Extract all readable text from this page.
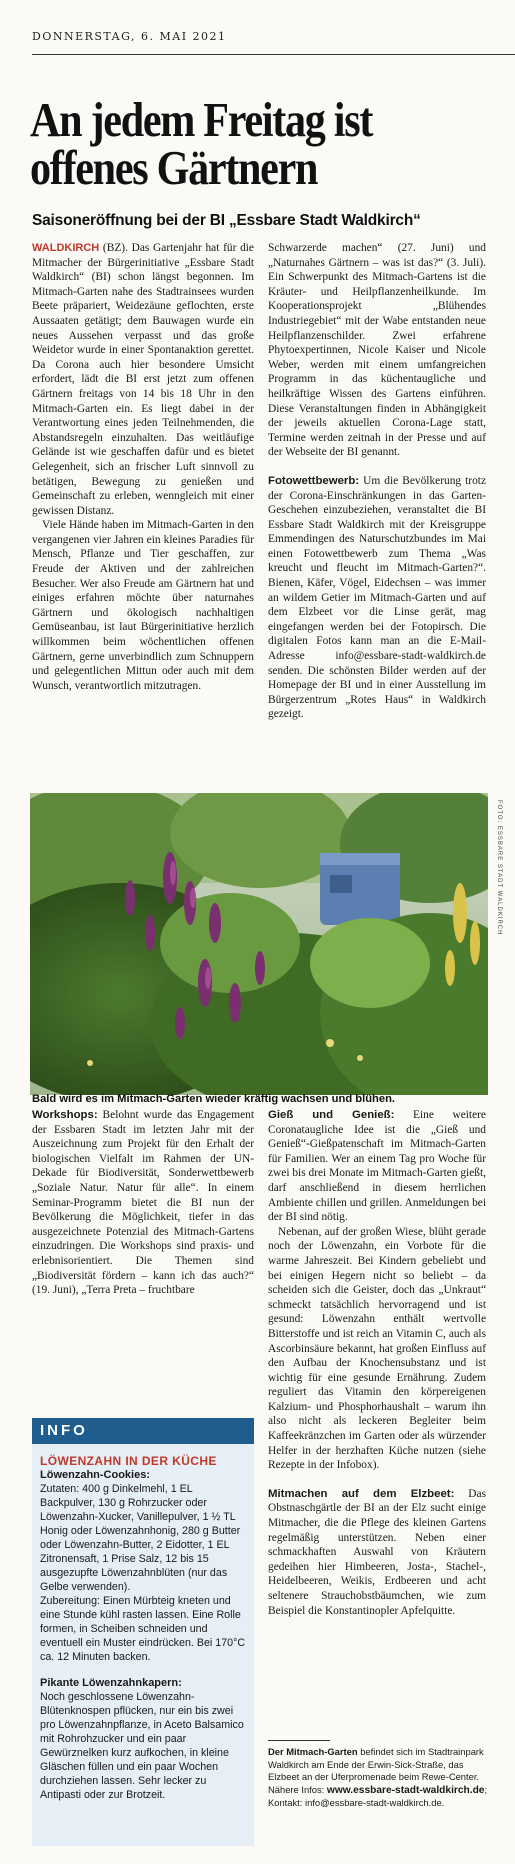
DONNERSTAG, 6. MAI 2021
An jedem Freitag ist
offenes Gärtnern
Saisoneröffnung bei der BI „Essbare Stadt Waldkirch“

WALDKIRCH (BZ). Das Gartenjahr hat für die Mitmacher der Bürgerinitiative „Essbare Stadt Waldkirch“ (BI) schon längst begonnen. Im Mitmach-Garten nahe des Stadtrainsees wurden Beete präpariert, Weidezäune geflochten, erste Aussaaten getätigt; dem Bauwagen wurde ein neues Aussehen verpasst und das große Weidetor wurde in einer Spontanaktion gerettet. Da Corona auch hier besondere Umsicht erfordert, lädt die BI erst jetzt zum offenen Gärtnern freitags von 14 bis 18 Uhr in den Mitmach-Garten ein. Es liegt dabei in der Verantwortung eines jeden Teilnehmenden, die Abstandsregeln einzuhalten. Das weitläufige Gelände ist wie geschaffen dafür und es bietet Gelegenheit, sich an frischer Luft sinnvoll zu betätigen, Bewegung zu genießen und Gemeinschaft zu erleben, wenngleich mit einer gewissen Distanz.

Viele Hände haben im Mitmach-Garten in den vergangenen vier Jahren ein kleines Paradies für Mensch, Pflanze und Tier geschaffen, zur Freude der Aktiven und der zahlreichen Besucher. Wer also Freude am Gärtnern hat und einiges erfahren möchte über naturnahes Gärtnern und ökologisch nachhaltigen Gemüseanbau, ist laut Bürgerinitiative herzlich willkommen beim wöchentlichen offenen Gärtnern, gerne unverbindlich zum Schnuppern und gelegentlichen Mittun oder auch mit dem Wunsch, verantwortlich mitzutragen.

Schwarzerde machen“ (27. Juni) und „Naturnahes Gärtnern – was ist das?“ (3. Juli). Ein Schwerpunkt des Mitmach-Gartens ist die Kräuter- und Heilpflanzenheilkunde. Im Kooperationsprojekt „Blühendes Industriegebiet“ mit der Wabe entstanden neue Heilpflanzenschilder. Zwei erfahrene Phytoexpertinnen, Nicole Kaiser und Nicole Weber, werden mit einem umfangreichen Programm in das küchentaugliche und heilkräftige Wissen des Gartens einführen. Diese Veranstaltungen finden in Abhängigkeit der jeweils aktuellen Corona-Lage statt, Termine werden zeitnah in der Presse und auf der Webseite der BI genannt.

Fotowettbewerb: Um die Bevölkerung trotz der Corona-Einschränkungen in das Garten-Geschehen einzubeziehen, veranstaltet die BI Essbare Stadt Waldkirch mit der Kreisgruppe Emmendingen des Naturschutzbundes im Mai einen Fotowettbewerb zum Thema „Was kreucht und fleucht im Mitmach-Garten?“. Bienen, Käfer, Vögel, Eidechsen – was immer an wildem Getier im Mitmach-Garten und auf dem Elzbeet vor die Linse gerät, mag eingefangen werden bei der Fotopirsch. Die digitalen Fotos kann man an die E-Mail-Adresse info@essbare-stadt-waldkirch.de senden. Die schönsten Bilder werden auf der Homepage der BI und in einer Ausstellung im Bürgerzentrum „Rotes Haus“ in Waldkirch gezeigt.

FOTO: ESSBARE STADT WALDKIRCH
Bald wird es im Mitmach-Garten wieder kräftig wachsen und blühen.

Workshops: Belohnt wurde das Engagement der Essbaren Stadt im letzten Jahr mit der Auszeichnung zum Projekt für den Erhalt der biologischen Vielfalt im Rahmen der UN-Dekade für Biodiversität, Sonderwettbewerb „Soziale Natur. Natur für alle“. In einem Seminar-Programm bietet die BI nun der Bevölkerung die Möglichkeit, tiefer in das ausgezeichnete Potenzial des Mitmach-Gartens einzudringen. Die Workshops sind praxis- und erlebnisorientiert. Die Themen sind „Biodiversität fördern – kann ich das auch?“ (19. Juni), „Terra Preta – fruchtbare

INFO
LÖWENZAHN IN DER KÜCHE
Löwenzahn-Cookies:
Zutaten: 400 g Dinkelmehl, 1 EL Backpulver, 130 g Rohrzucker oder Löwenzahn-Xucker, Vanillepulver, 1 ½ TL Honig oder Löwenzahnhonig, 280 g Butter oder Löwenzahn-Butter, 2 Eidotter, 1 EL Zitronensaft, 1 Prise Salz, 12 bis 15 ausgezupfte Löwenzahnblüten (nur das Gelbe verwenden).
Zubereitung: Einen Mürbteig kneten und eine Stunde kühl rasten lassen. Eine Rolle formen, in Scheiben schneiden und eventuell ein Muster eindrücken. Bei 170°C ca. 12 Minuten backen.
Pikante Löwenzahnkapern:
Noch geschlossene Löwenzahn-Blütenknospen pflücken, nur ein bis zwei pro Löwenzahnpflanze, in Aceto Balsamico mit Rohrohzucker und ein paar Gewürznelken kurz aufkochen, in kleine Gläschen füllen und ein paar Wochen durchziehen lassen. Sehr lecker zu Antipasti oder zur Brotzeit.

Gieß und Genieß: Eine weitere Coronataugliche Idee ist die „Gieß und Genieß“-Gießpatenschaft im Mitmach-Garten für Familien. Wer an einem Tag pro Woche für zwei bis drei Monate im Mitmach-Garten gießt, darf anschließend in diesem herrlichen Ambiente chillen und grillen. Anmeldungen bei der BI sind nötig.

Nebenan, auf der großen Wiese, blüht gerade noch der Löwenzahn, ein Vorbote für die warme Jahreszeit. Bei Kindern gebeliebt und bei einigen Hegern nicht so beliebt – da scheiden sich die Geister, doch das „Unkraut“ schmeckt tatsächlich hervorragend und ist gesund: Löwenzahn enthält wertvolle Bitterstoffe und ist reich an Vitamin C, auch als Ascorbinsäure bekannt, hat großen Einfluss auf den Aufbau der Knochensubstanz und ist wichtig für eine gesunde Ernährung. Zudem reguliert das Vitamin den körpereigenen Kalzium- und Phosphorhaushalt – warum ihn also nicht als leckeren Begleiter beim Kaffeekränzchen im Garten oder als würzender Helfer in der herzhaften Küche nutzen (siehe Rezepte in der Infobox).

Mitmachen auf dem Elzbeet: Das Obstnaschgärtle der BI an der Elz sucht einige Mitmacher, die die Pflege des kleinen Gartens regelmäßig unterstützen. Neben einer schmackhaften Auswahl von Kräutern gedeihen hier Himbeeren, Josta-, Stachel-, Heidelbeeren, Weikis, Erdbeeren und acht seltenere Strauchobstbäumchen, wie zum Beispiel die Konstantinopler Apfelquitte.

Der Mitmach-Garten befindet sich im Stadtrainpark Waldkirch am Ende der Erwin-Sick-Straße, das Elzbeet an der Uferpromenade beim Rewe-Center. Nähere Infos: www.essbare-stadt-waldkirch.de; Kontakt: info@essbare-stadt-waldkirch.de.
